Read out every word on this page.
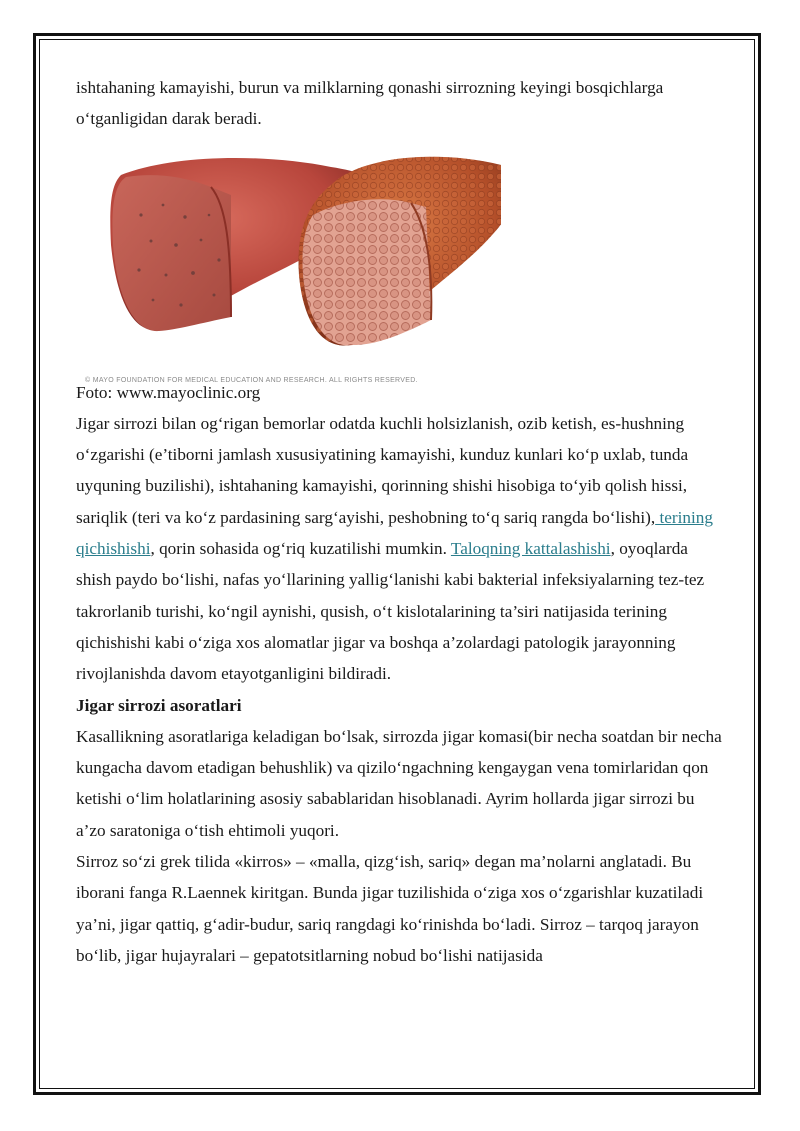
ishtahaning kamayishi, burun va milklarning qonashi sirrozning keyingi bosqichlarga o‘tganligidan darak beradi.

© MAYO FOUNDATION FOR MEDICAL EDUCATION AND RESEARCH. ALL RIGHTS RESERVED.

Foto: www.mayoclinic.org

Jigar sirrozi bilan og‘rigan bemorlar odatda kuchli holsizlanish, ozib ketish, es-hushning o‘zgarishi (e’tiborni jamlash xususiyatining kamayishi, kunduz kunlari ko‘p uxlab, tunda uyquning buzilishi), ishtahaning kamayishi, qorinning shishi hisobiga to‘yib qolish hissi, sariqlik (teri va ko‘z pardasining sarg‘ayishi, peshobning to‘q sariq rangda bo‘lishi), terining qichishishi, qorin sohasida og‘riq kuzatilishi mumkin. Taloqning kattalashishi, oyoqlarda shish paydo bo‘lishi, nafas yo‘llarining yallig‘lanishi kabi bakterial infeksiyalarning tez-tez takrorlanib turishi, ko‘ngil aynishi, qusish, o‘t kislotalarining ta’siri natijasida terining qichishishi kabi o‘ziga xos alomatlar jigar va boshqa a’zolardagi patologik jarayonning rivojlanishda davom etayotganligini bildiradi.

Jigar sirrozi asoratlari

Kasallikning asoratlariga keladigan bo‘lsak, sirrozda jigar komasi(bir necha soatdan bir necha kungacha davom etadigan behushlik) va qizilo‘ngachning kengaygan vena tomirlaridan qon ketishi o‘lim holatlarining asosiy sabablaridan hisoblanadi. Ayrim hollarda jigar sirrozi bu a’zo saratoniga o‘tish ehtimoli yuqori.

Sirroz so‘zi grek tilida «kirros» – «malla, qizg‘ish, sariq» degan ma’nolarni anglatadi. Bu iborani fanga R.Laennek kiritgan. Bunda jigar tuzilishida o‘ziga xos o‘zgarishlar kuzatiladi ya’ni, jigar qattiq, g‘adir-budur, sariq rangdagi ko‘rinishda bo‘ladi. Sirroz – tarqoq jarayon bo‘lib, jigar hujayralari – gepatotsitlarning nobud bo‘lishi natijasida
